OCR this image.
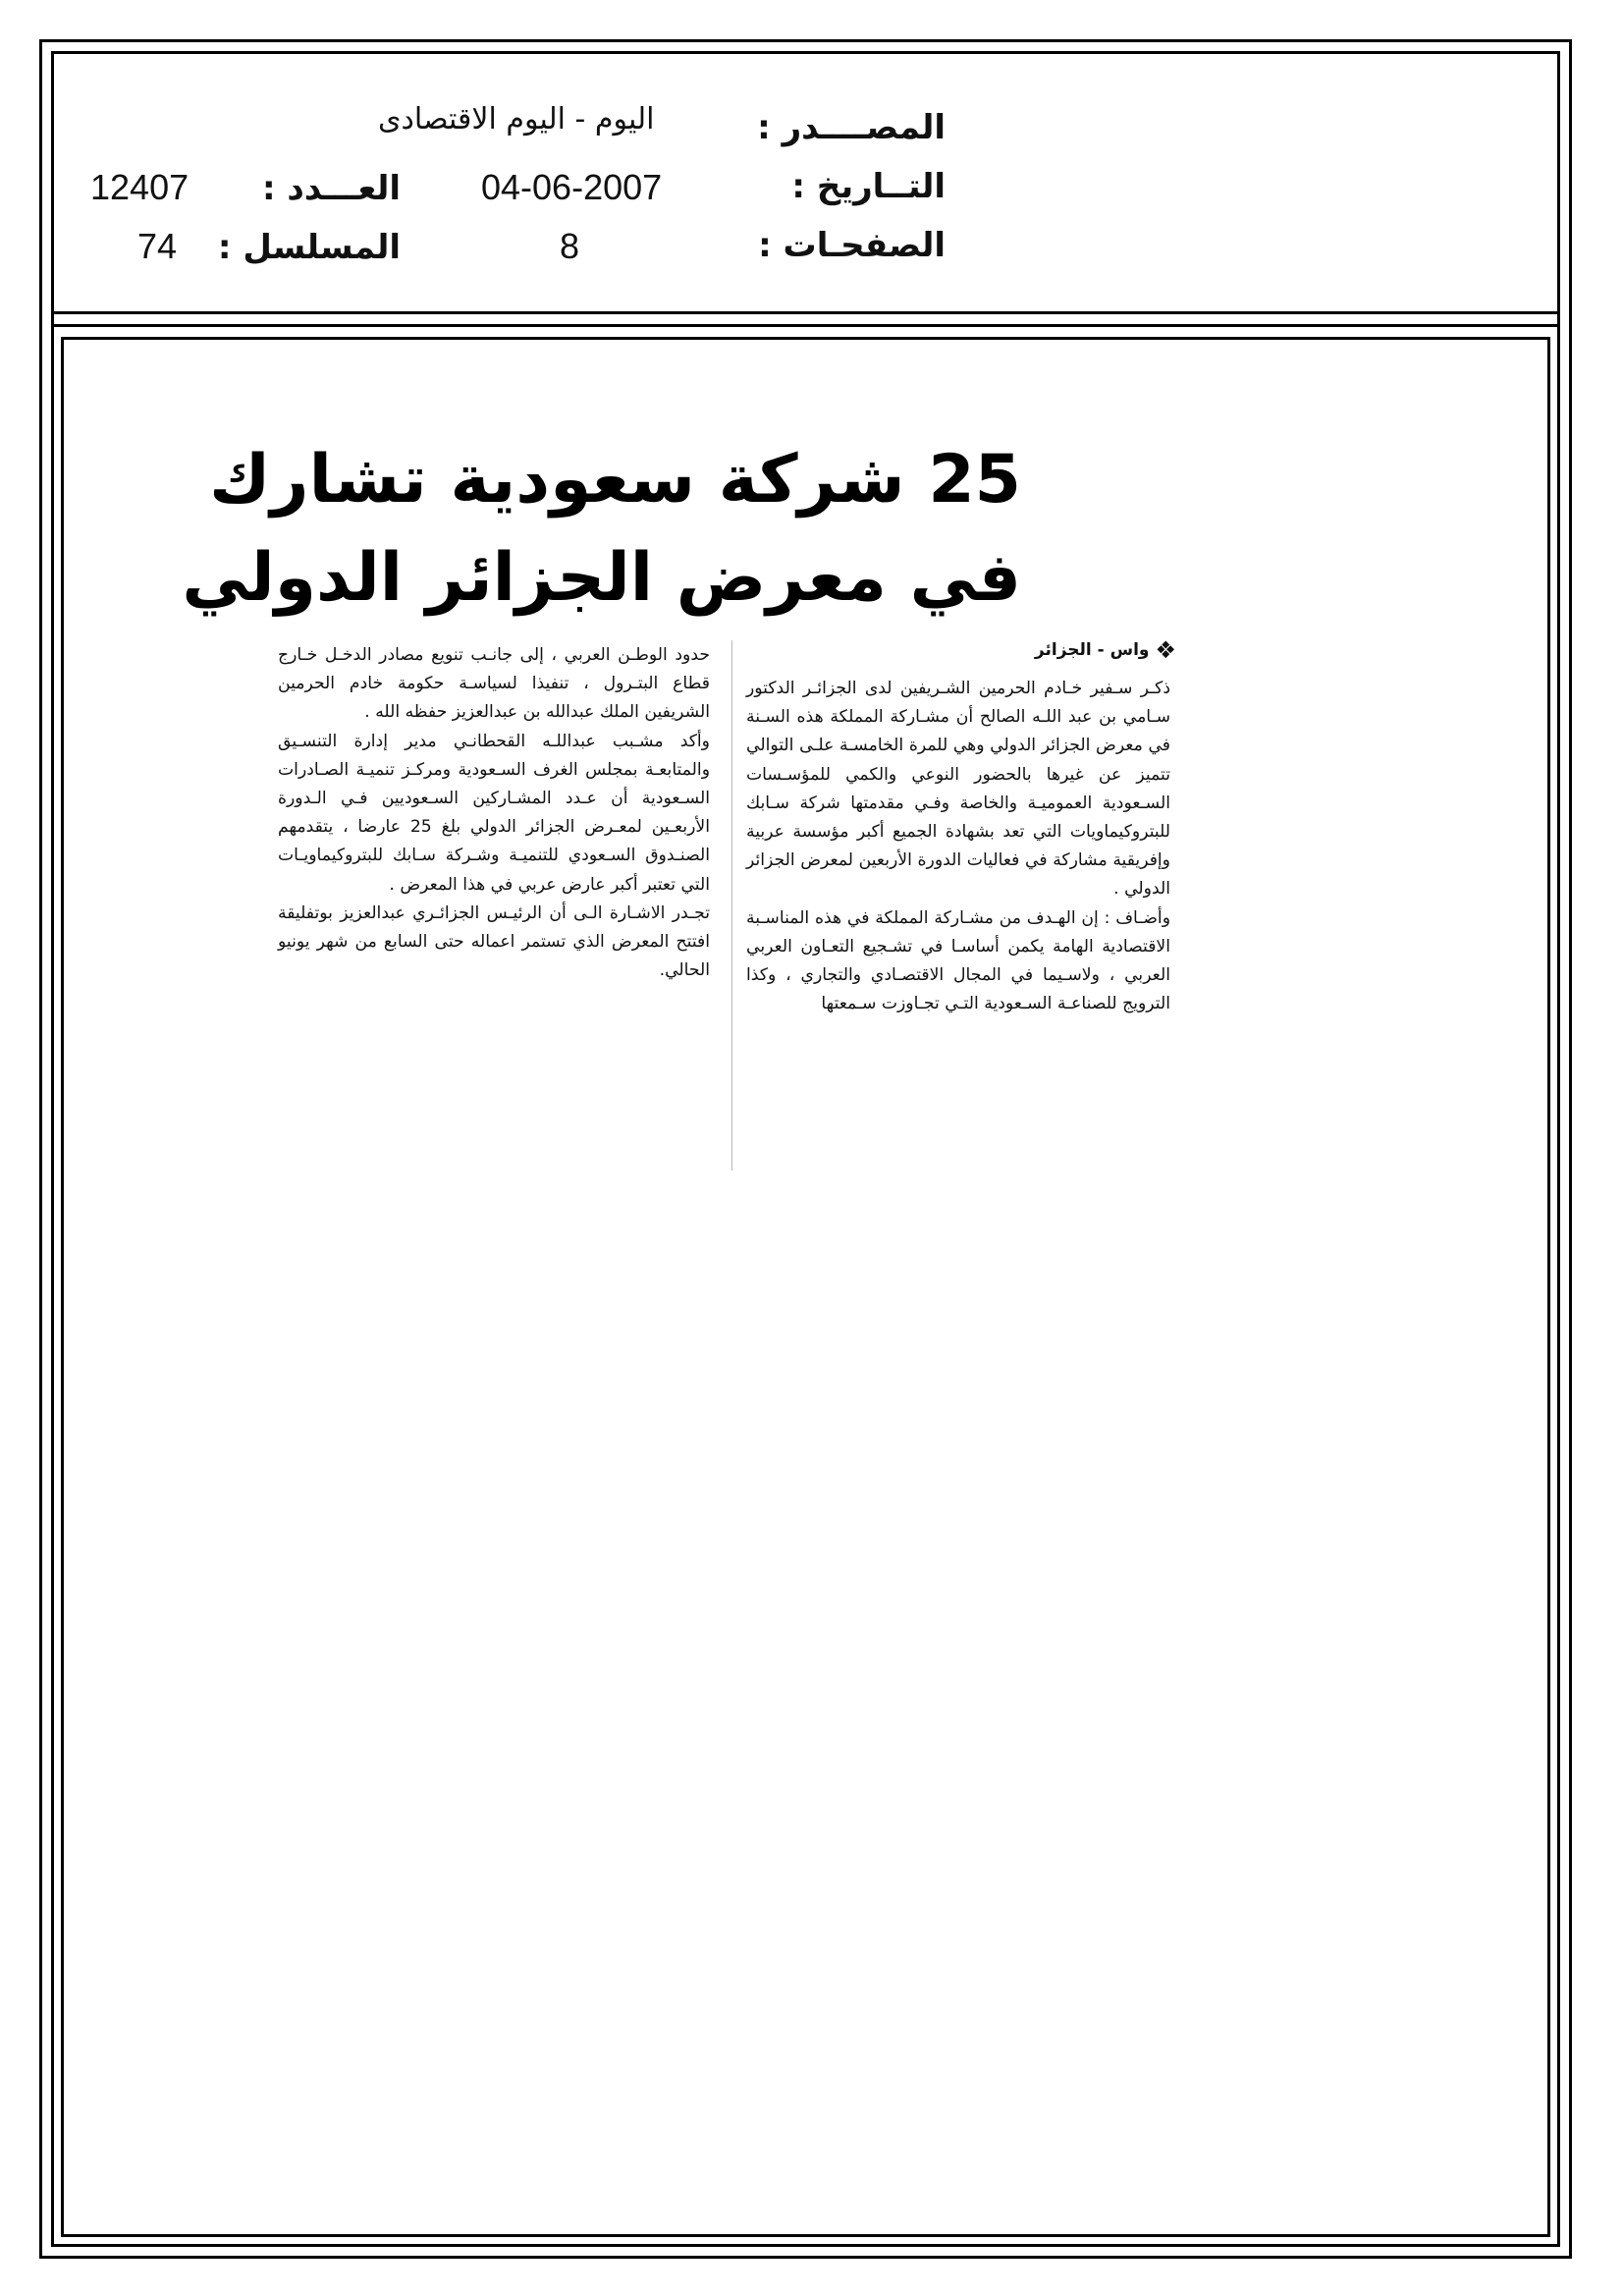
المصــــدر :
اليوم - اليوم الاقتصادى
التــاريخ :
04-06-2007
العـــدد :
12407
الصفحـات :
8
المسلسل :
74
25 شركة سعودية تشارك
في معرض الجزائر الدولي
❖
واس - الجزائر

ذكـر سـفير خـادم الحرمين الشـريفين لدى الجزائـر الدكتور سـامي بن عبد اللـه الصالح أن مشـاركة المملكة هذه السـنة في معرض الجزائر الدولي وهي للمرة الخامسـة علـى التوالي تتميز عن غيرها بالحضور النوعي والكمي للمؤسـسات السـعودية العموميـة والخاصة وفـي مقدمتها شركة سـابك للبتروكيماويات التي تعد بشهادة الجميع أكبر مؤسسة عربية وإفريقية مشاركة في فعاليات الدورة الأربعين لمعرض الجزائر الدولي .

وأضـاف : إن الهـدف من مشـاركة المملكة في هذه المناسـبة الاقتصادية الهامة يكمن أساسـا في تشـجيع التعـاون العربي العربي ، ولاسـيما في المجال الاقتصـادي والتجاري ، وكذا الترويج للصناعـة السـعودية التـي تجـاوزت سـمعتها

حدود الوطـن العربي ، إلى جانـب تنويع مصادر الدخـل خـارج قطاع البتـرول ، تنفيذا لسياسـة حكومة خادم الحرمين الشريفين الملك عبدالله بن عبدالعزيز حفظه الله .

وأكد مشـبب عبداللـه القحطانـي مدير إدارة التنسـيق والمتابعـة بمجلس الغرف السـعودية ومركـز تنميـة الصـادرات السـعودية أن عـدد المشـاركين السـعوديين فـي الـدورة الأربعـين لمعـرض الجزائر الدولي بلغ 25 عارضا ، يتقدمهم الصنـدوق السـعودي للتنميـة وشـركة سـابك للبتروكيماويـات التي تعتبر أكبر عارض عربي في هذا المعرض .

تجـدر الاشـارة الـى أن الرئيـس الجزائـري عبدالعزيز بوتفليقة افتتح المعرض الذي تستمر اعماله حتى السابع من شهر يونيو الحالي.
